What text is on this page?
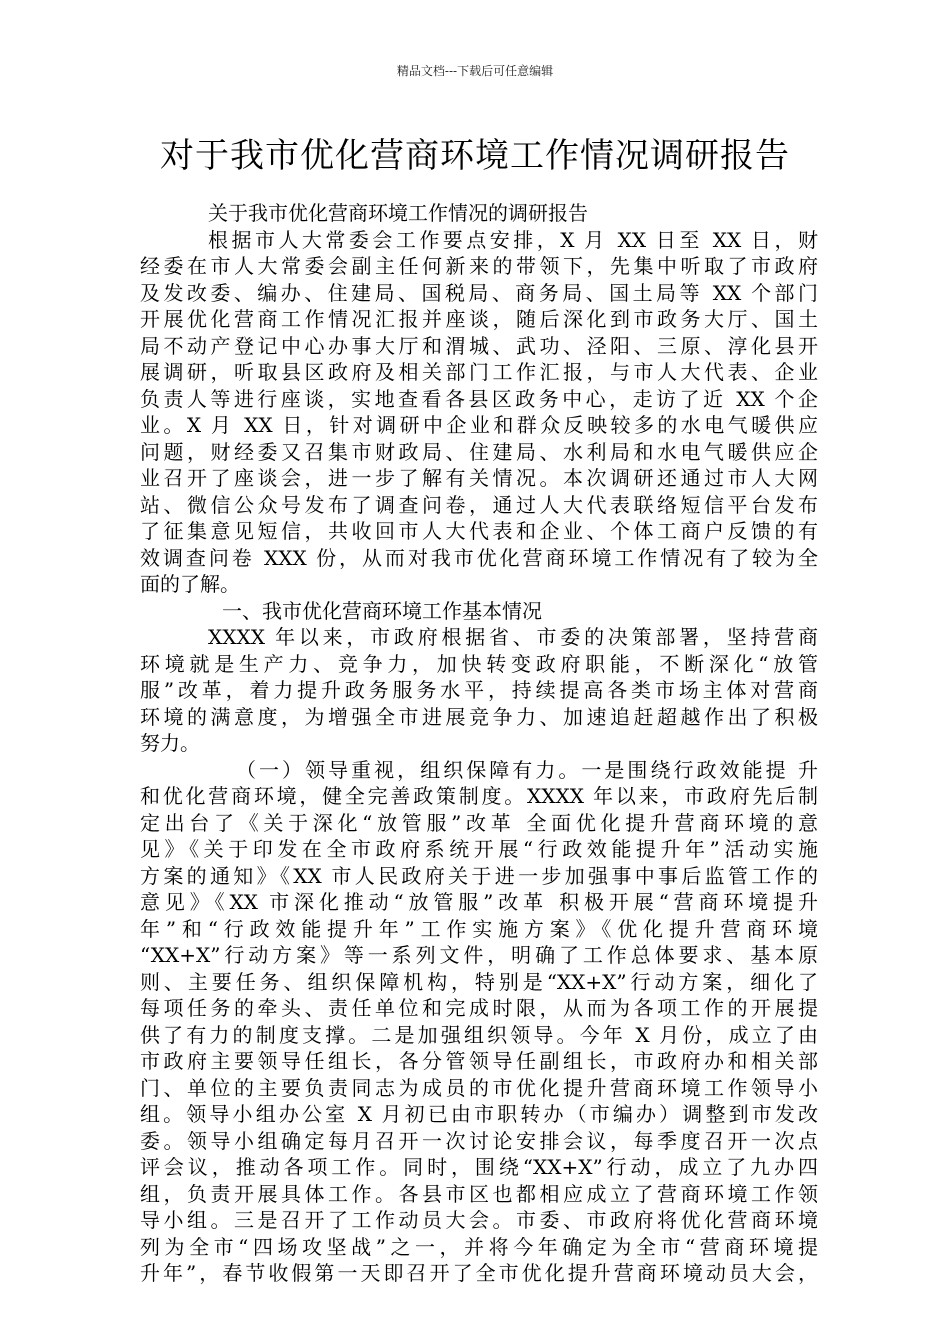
精品文档---下载后可任意编辑
对于我市优化营商环境工作情况调研报告
关于我市优化营商环境工作情况的调研报告
根据市人大常委会工作要点安排，X 月 XX 日至 XX 日，财
经委在市人大常委会副主任何新来的带领下，先集中听取了市政府
及发改委、编办、住建局、国税局、商务局、国土局等 XX 个部门
开展优化营商工作情况汇报并座谈，随后深化到市政务大厅、国土
局不动产登记中心办事大厅和渭城、武功、泾阳、三原、淳化县开
展调研，听取县区政府及相关部门工作汇报，与市人大代表、企业
负责人等进行座谈，实地查看各县区政务中心，走访了近 XX 个企
业。X 月 XX 日，针对调研中企业和群众反映较多的水电气暖供应
问题，财经委又召集市财政局、住建局、水利局和水电气暖供应企
业召开了座谈会，进一步了解有关情况。本次调研还通过市人大网
站、微信公众号发布了调查问卷，通过人大代表联络短信平台发布
了征集意见短信，共收回市人大代表和企业、个体工商户反馈的有
效调查问卷 XXX 份，从而对我市优化营商环境工作情况有了较为全
面的了解。
一、我市优化营商环境工作基本情况
XXXX 年以来，市政府根据省、市委的决策部署，坚持营商
环境就是生产力、竞争力，加快转变政府职能，不断深化“放管
服”改革，着力提升政务服务水平，持续提高各类市场主体对营商
环境的满意度，为增强全市进展竞争力、加速追赶超越作出了积极
努力。
（一）领导重视，组织保障有力。一是围绕行政效能提 升
和优化营商环境，健全完善政策制度。XXXX 年以来，市政府先后制
定出台了《关于深化“放管服”改革 全面优化提升营商环境的意
见》《关于印发在全市政府系统开展“行政效能提升年”活动实施
方案的通知》《XX 市人民政府关于进一步加强事中事后监管工作的
意见》《XX 市深化推动“放管服”改革 积极开展“营商环境提升
年”和“行政效能提升年”工作实施方案》《优化提升营商环境
“XX+X”行动方案》等一系列文件，明确了工作总体要求、基本原
则、主要任务、组织保障机构，特别是“XX+X”行动方案，细化了
每项任务的牵头、责任单位和完成时限，从而为各项工作的开展提
供了有力的制度支撑。二是加强组织领导。今年 X 月份，成立了由
市政府主要领导任组长，各分管领导任副组长，市政府办和相关部
门、单位的主要负责同志为成员的市优化提升营商环境工作领导小
组。领导小组办公室 X 月初已由市职转办（市编办）调整到市发改
委。领导小组确定每月召开一次讨论安排会议，每季度召开一次点
评会议，推动各项工作。同时，围绕“XX+X”行动，成立了九办四
组，负责开展具体工作。各县市区也都相应成立了营商环境工作领
导小组。三是召开了工作动员大会。市委、市政府将优化营商环境
列为全市“四场攻坚战”之一，并将今年确定为全市“营商环境提
升年”，春节收假第一天即召开了全市优化提升营商环境动员大会，
